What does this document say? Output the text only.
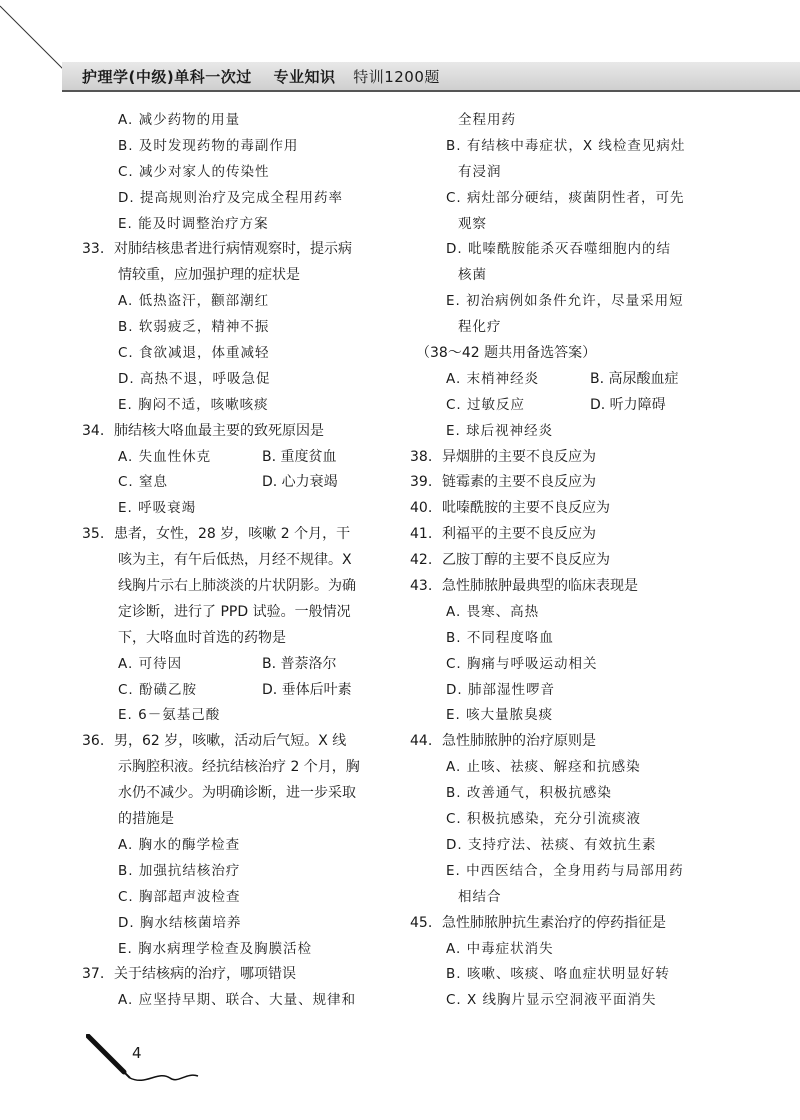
护理学(中级)单科一次过 专业知识 特训1200题
A. 减少药物的用量
B. 及时发现药物的毒副作用
C. 减少对家人的传染性
D. 提高规则治疗及完成全程用药率
E. 能及时调整治疗方案
33. 对肺结核患者进行病情观察时，提示病
情较重，应加强护理的症状是
A. 低热盗汗，颧部潮红
B. 软弱疲乏，精神不振
C. 食欲减退，体重减轻
D. 高热不退，呼吸急促
E. 胸闷不适，咳嗽咳痰
34. 肺结核大咯血最主要的致死原因是
A. 失血性休克	B. 重度贫血
C. 窒息	D. 心力衰竭
E. 呼吸衰竭
35. 患者，女性，28 岁，咳嗽 2 个月，干
咳为主，有午后低热，月经不规律。X
线胸片示右上肺淡淡的片状阴影。为确
定诊断，进行了 PPD 试验。一般情况
下，大咯血时首选的药物是
A. 可待因	B. 普萘洛尔
C. 酚磺乙胺	D. 垂体后叶素
E. 6－氨基己酸
36. 男，62 岁，咳嗽，活动后气短。X 线
示胸腔积液。经抗结核治疗 2 个月，胸
水仍不减少。为明确诊断，进一步采取
的措施是
A. 胸水的酶学检查
B. 加强抗结核治疗
C. 胸部超声波检查
D. 胸水结核菌培养
E. 胸水病理学检查及胸膜活检
37. 关于结核病的治疗，哪项错误
A. 应坚持早期、联合、大量、规律和
全程用药
B. 有结核中毒症状，X 线检查见病灶
有浸润
C. 病灶部分硬结，痰菌阴性者，可先
观察
D. 吡嗪酰胺能杀灭吞噬细胞内的结
核菌
E. 初治病例如条件允许，尽量采用短
程化疗
（38～42 题共用备选答案）
A. 末梢神经炎	B. 高尿酸血症
C. 过敏反应	D. 听力障碍
E. 球后视神经炎
38. 异烟肼的主要不良反应为
39. 链霉素的主要不良反应为
40. 吡嗪酰胺的主要不良反应为
41. 利福平的主要不良反应为
42. 乙胺丁醇的主要不良反应为
43. 急性肺脓肿最典型的临床表现是
A. 畏寒、高热
B. 不同程度咯血
C. 胸痛与呼吸运动相关
D. 肺部湿性啰音
E. 咳大量脓臭痰
44. 急性肺脓肿的治疗原则是
A. 止咳、祛痰、解痉和抗感染
B. 改善通气，积极抗感染
C. 积极抗感染，充分引流痰液
D. 支持疗法、祛痰、有效抗生素
E. 中西医结合，全身用药与局部用药
相结合
45. 急性肺脓肿抗生素治疗的停药指征是
A. 中毒症状消失
B. 咳嗽、咳痰、咯血症状明显好转
C. X 线胸片显示空洞液平面消失
4
